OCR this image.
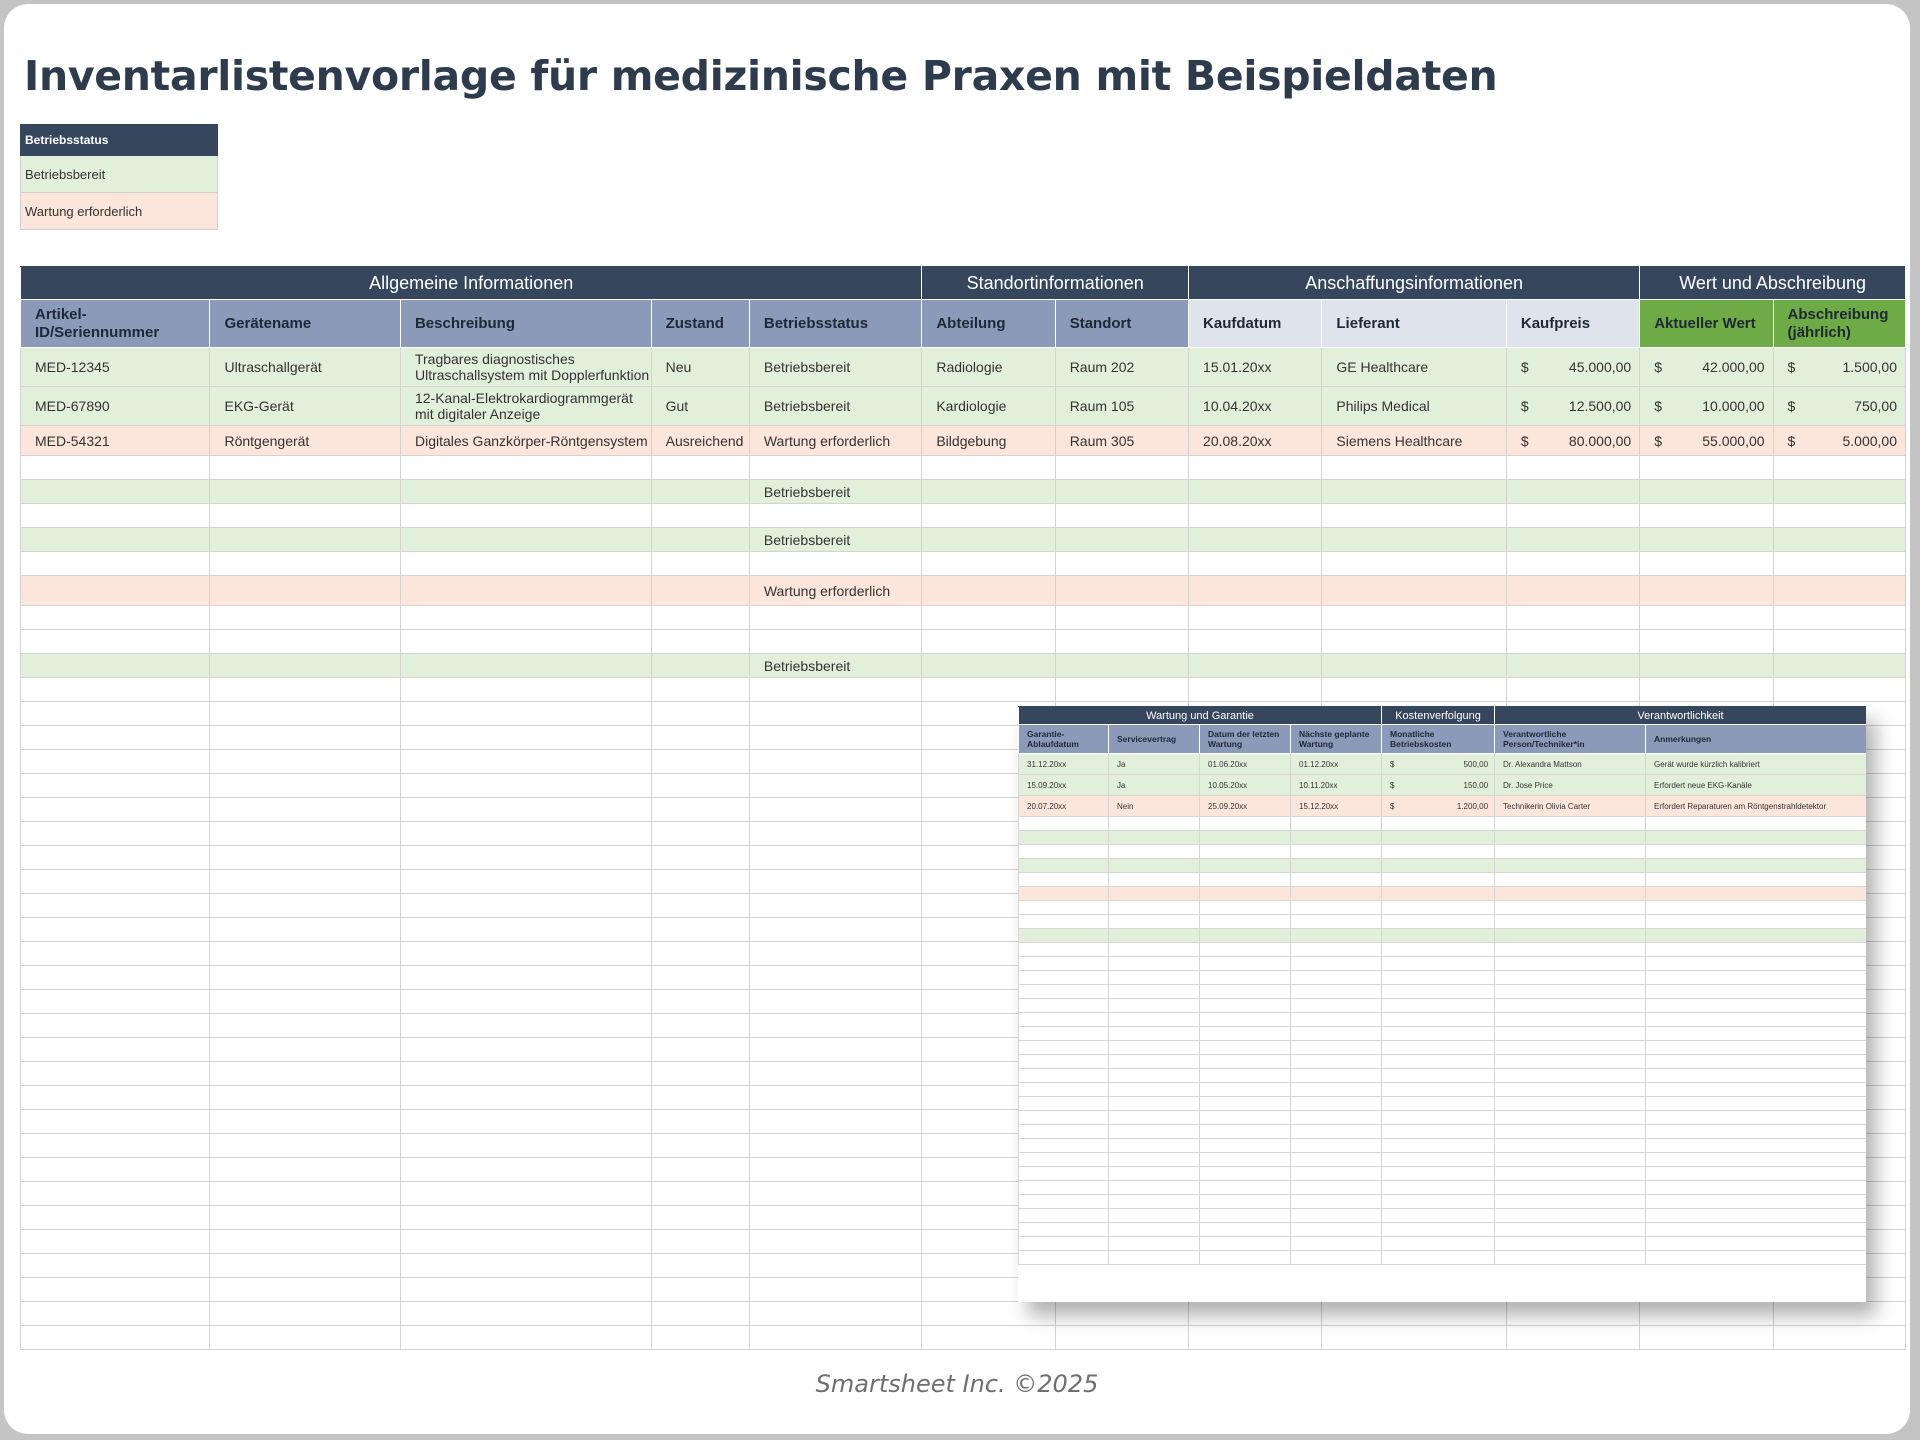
Inventarlistenvorlage für medizinische Praxen mit Beispieldaten
Betriebsstatus
Betriebsbereit
Wartung erforderlich
Allgemeine Informationen					Standortinformationen		Anschaffungsinformationen			Wert und Abschreibung	
Artikel-ID/Seriennummer	Gerätename	Beschreibung	Zustand	Betriebsstatus	Abteilung	Standort	Kaufdatum	Lieferant	Kaufpreis	Aktueller Wert	Abschreibung (jährlich)
MED-12345	Ultraschallgerät	Tragbares diagnostisches Ultraschallsystem mit Dopplerfunktion	Neu	Betriebsbereit	Radiologie	Raum 202	15.01.20xx	GE Healthcare	$ 45.000,00	$ 42.000,00	$ 1.500,00

MED-67890	EKG-Gerät	12-Kanal-Elektrokardiogrammgerät mit digitaler Anzeige	Gut	Betriebsbereit	Kardiologie	Raum 105	10.04.20xx	Philips Medical	$ 12.500,00	$ 10.000,00	$ 750,00

MED-54321	Röntgengerät	Digitales Ganzkörper-Röntgensystem	Ausreichend	Wartung erforderlich	Bildgebung	Raum 305	20.08.20xx	Siemens Healthcare	$ 80.000,00	$ 55.000,00	$ 5.000,00

				Betriebsbereit							

				Betriebsbereit							

				Wartung erforderlich							

				Betriebsbereit							

Wartung und Garantie				Kostenverfolgung	Verantwortlichkeit	
Garantie-Ablaufdatum	Servicevertrag	Datum der letzten Wartung	Nächste geplante Wartung	Monatliche Betriebskosten	Verantwortliche Person/Techniker*in	Anmerkungen
31.12.20xx	Ja	01.06.20xx	01.12.20xx	$ 500,00	Dr. Alexandra Mattson	Gerät wurde kürzlich kalibriert
15.09.20xx	Ja	10.05.20xx	10.11.20xx	$ 150,00	Dr. Jose Price	Erfordert neue EKG-Kanäle
20.07.20xx	Nein	25.09.20xx	15.12.20xx	$ 1.200,00	Technikerin Olivia Carter	Erfordert Reparaturen am Röntgenstrahldetektor

Smartsheet Inc. ©2025
